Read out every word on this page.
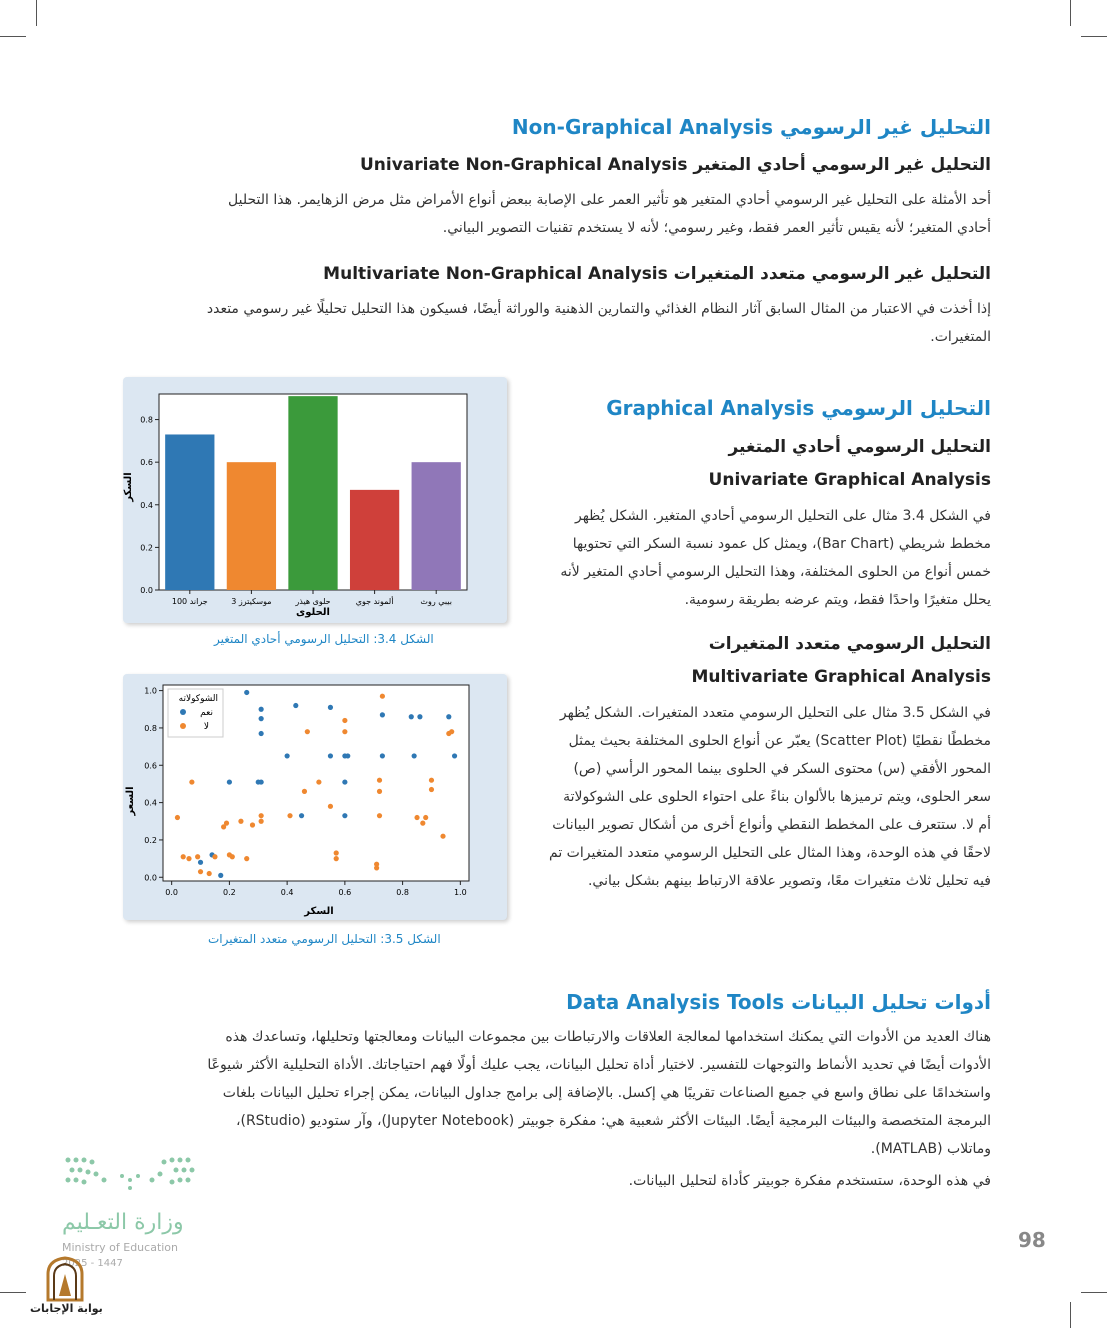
التحليل غير الرسومي Non-Graphical Analysis
التحليل غير الرسومي أحادي المتغير Univariate Non-Graphical Analysis
أحد الأمثلة على التحليل غير الرسومي أحادي المتغير هو تأثير العمر على الإصابة ببعض أنواع الأمراض مثل مرض الزهايمر. هذا التحليل
أحادي المتغير؛ لأنه يقيس تأثير العمر فقط، وغير رسومي؛ لأنه لا يستخدم تقنيات التصوير البياني.
التحليل غير الرسومي متعدد المتغيرات Multivariate Non-Graphical Analysis
إذا أخذت في الاعتبار من المثال السابق آثار النظام الغذائي والتمارين الذهنية والوراثة أيضًا، فسيكون هذا التحليل تحليلًا غير رسومي متعدد
المتغيرات.
0.0
0.2
0.4
0.6
0.8
100 جراند	3 موسكيترز	حلوى هيذر	ألموند جوي	بيبي روث
السكر
الحلوى
الشكل 3.4: التحليل الرسومي أحادي المتغير
0.0
0.2
0.4
0.6
0.8
1.0
0.0	0.2	0.4	0.6	0.8	1.0
الشوكولاته
نعم
لا
السعر
السكر
الشكل 3.5: التحليل الرسومي متعدد المتغيرات
التحليل الرسومي Graphical Analysis
التحليل الرسومي أحادي المتغير
Univariate Graphical Analysis
في الشكل 3.4 مثال على التحليل الرسومي أحادي المتغير. الشكل يُظهر
مخطط شريطي (Bar Chart)، ويمثل كل عمود نسبة السكر التي تحتويها
خمس أنواع من الحلوى المختلفة، وهذا التحليل الرسومي أحادي المتغير لأنه
يحلل متغيرًا واحدًا فقط، ويتم عرضه بطريقة رسومية.
التحليل الرسومي متعدد المتغيرات
Multivariate Graphical Analysis
في الشكل 3.5 مثال على التحليل الرسومي متعدد المتغيرات. الشكل يُظهر
مخططًا نقطيًا (Scatter Plot) يعبّر عن أنواع الحلوى المختلفة بحيث يمثل
المحور الأفقي (س) محتوى السكر في الحلوى بينما المحور الرأسي (ص)
سعر الحلوى، ويتم ترميزها بالألوان بناءً على احتواء الحلوى على الشوكولاتة
أم لا. ستتعرف على المخطط النقطي وأنواع أخرى من أشكال تصوير البيانات
لاحقًا في هذه الوحدة، وهذا المثال على التحليل الرسومي متعدد المتغيرات تم
فيه تحليل ثلاث متغيرات معًا، وتصوير علاقة الارتباط بينهم بشكل بياني.
أدوات تحليل البيانات Data Analysis Tools
هناك العديد من الأدوات التي يمكنك استخدامها لمعالجة العلاقات والارتباطات بين مجموعات البيانات ومعالجتها وتحليلها، وتساعدك هذه
الأدوات أيضًا في تحديد الأنماط والتوجهات للتفسير. لاختيار أداة تحليل البيانات، يجب عليك أولًا فهم احتياجاتك. الأداة التحليلية الأكثر شيوعًا
واستخدامًا على نطاق واسع في جميع الصناعات تقريبًا هي إكسل. بالإضافة إلى برامج جداول البيانات، يمكن إجراء تحليل البيانات بلغات
البرمجة المتخصصة والبيئات البرمجية أيضًا. البيئات الأكثر شعبية هي: مفكرة جوبيتر (Jupyter Notebook)، وآر ستوديو (RStudio)،
وماتلاب (MATLAB).
في هذه الوحدة، ستستخدم مفكرة جوبيتر كأداة لتحليل البيانات.
وزارة التعـليم
Ministry of Education
2025 - 1447
بوابة الإجابات
98
